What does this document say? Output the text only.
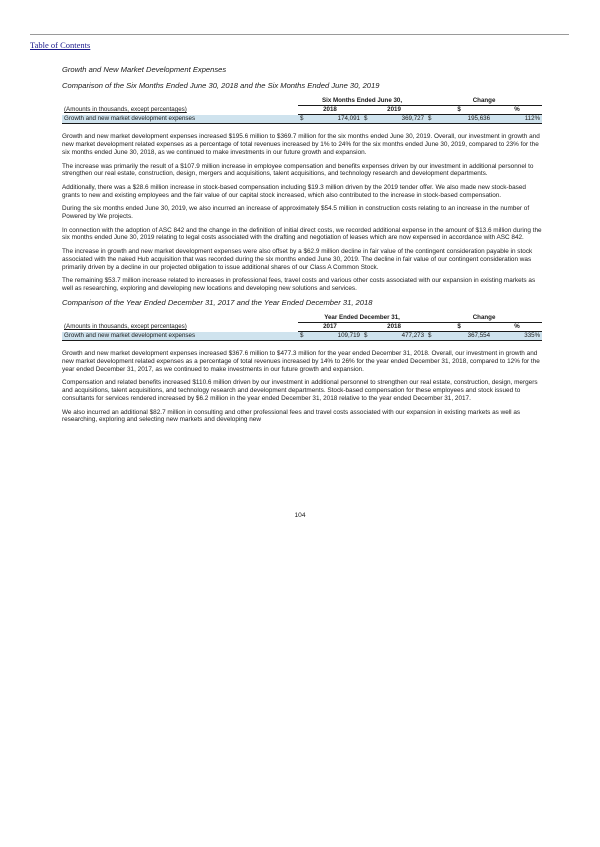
Table of Contents
Growth and New Market Development Expenses
Comparison of the Six Months Ended June 30, 2018 and the Six Months Ended June 30, 2019
	Six Months Ended June 30,				Change		
(Amounts in thousands, except percentages)	2018		2019		$		%
Growth and new market development expenses	$	174,091	$	369,727	$	195,636	112%

Growth and new market development expenses increased $195.6 million to $369.7 million for the six months ended June 30, 2019. Overall, our investment in growth and new market development related expenses as a percentage of total revenues increased by 1% to 24% for the six months ended June 30, 2019, compared to 23% for the six months ended June 30, 2018, as we continued to make investments in our future growth and expansion.

The increase was primarily the result of a $107.9 million increase in employee compensation and benefits expenses driven by our investment in additional personnel to strengthen our real estate, construction, design, mergers and acquisitions, talent acquisitions, and technology research and development departments.

Additionally, there was a $28.6 million increase in stock-based compensation including $19.3 million driven by the 2019 tender offer. We also made new stock-based grants to new and existing employees and the fair value of our capital stock increased, which also contributed to the increase in stock-based compensation.

During the six months ended June 30, 2019, we also incurred an increase of approximately $54.5 million in construction costs relating to an increase in the number of Powered by We projects.

In connection with the adoption of ASC 842 and the change in the definition of initial direct costs, we recorded additional expense in the amount of $13.6 million during the six months ended June 30, 2019 relating to legal costs associated with the drafting and negotiation of leases which are now expensed in accordance with ASC 842.

The increase in growth and new market development expenses were also offset by a $62.9 million decline in fair value of the contingent consideration payable in stock associated with the naked Hub acquisition that was recorded during the six months ended June 30, 2019. The decline in fair value of our contingent consideration was primarily driven by a decline in our projected obligation to issue additional shares of our Class A Common Stock.

The remaining $53.7 million increase related to increases in professional fees, travel costs and various other costs associated with our expansion in existing markets as well as researching, exploring and developing new locations and developing new solutions and services.

Comparison of the Year Ended December 31, 2017 and the Year Ended December 31, 2018
	Year Ended December 31,				Change		
(Amounts in thousands, except percentages)	2017		2018		$		%
Growth and new market development expenses	$	109,719	$	477,273	$	367,554	335%

Growth and new market development expenses increased $367.6 million to $477.3 million for the year ended December 31, 2018. Overall, our investment in growth and new market development related expenses as a percentage of total revenues increased by 14% to 26% for the year ended December 31, 2018, compared to 12% for the year ended December 31, 2017, as we continued to make investments in our future growth and expansion.

Compensation and related benefits increased $110.6 million driven by our investment in additional personnel to strengthen our real estate, construction, design, mergers and acquisitions, talent acquisitions, and technology research and development departments. Stock-based compensation for these employees and stock issued to consultants for services rendered increased by $6.2 million in the year ended December 31, 2018 relative to the year ended December 31, 2017.

We also incurred an additional $82.7 million in consulting and other professional fees and travel costs associated with our expansion in existing markets as well as researching, exploring and selecting new markets and developing new

104
